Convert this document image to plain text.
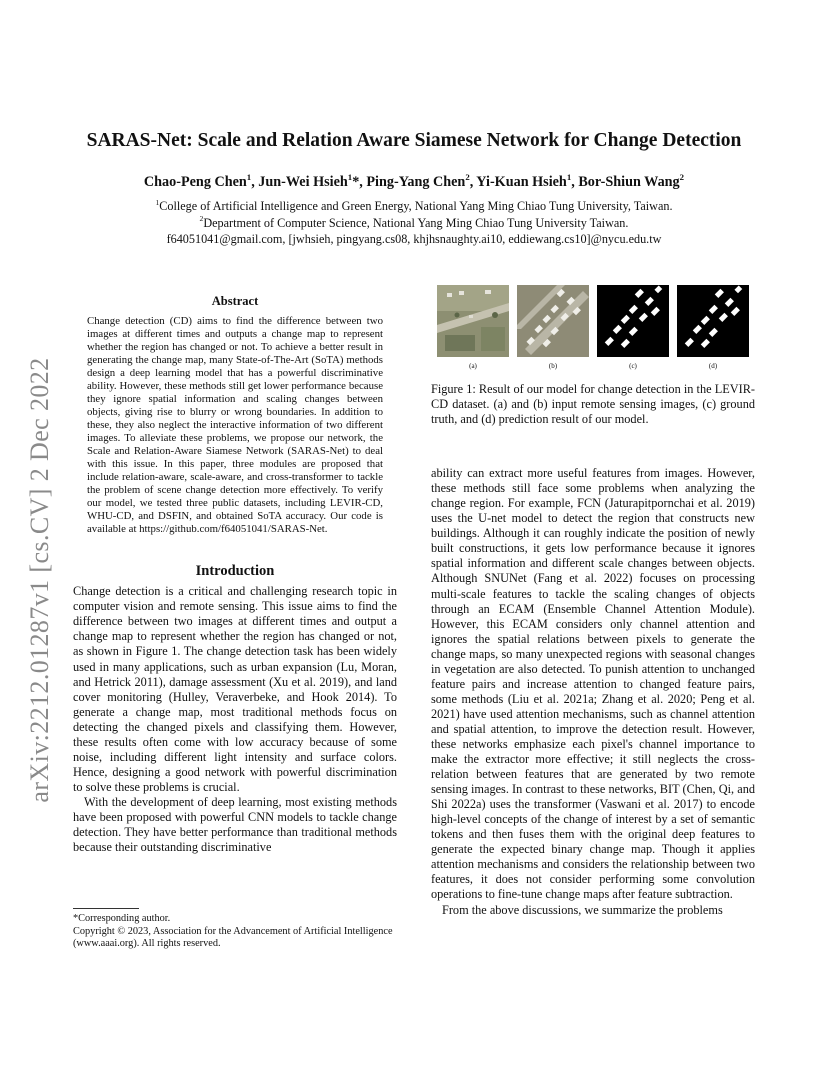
arXiv:2212.01287v1 [cs.CV] 2 Dec 2022
SARAS-Net: Scale and Relation Aware Siamese Network for Change Detection
Chao-Peng Chen$^1$, Jun-Wei Hsieh$^1$*, Ping-Yang Chen$^2$, Yi-Kuan Hsieh$^1$, Bor-Shiun Wang$^2$
$^1$College of Artificial Intelligence and Green Energy, National Yang Ming Chiao Tung University, Taiwan.
$^2$Department of Computer Science, National Yang Ming Chiao Tung University Taiwan.
f64051041@gmail.com, [jwhsieh, pingyang.cs08, khjhsnaughty.ai10, eddiewang.cs10]@nycu.edu.tw
Abstract

Change detection (CD) aims to find the difference between two images at different times and outputs a change map to represent whether the region has changed or not. To achieve a better result in generating the change map, many State-of-The-Art (SoTA) methods design a deep learning model that has a powerful discriminative ability. However, these methods still get lower performance because they ignore spatial information and scaling changes between objects, giving rise to blurry or wrong boundaries. In addition to these, they also neglect the interactive information of two different images. To alleviate these problems, we propose our network, the Scale and Relation-Aware Siamese Network (SARAS-Net) to deal with this issue. In this paper, three modules are proposed that include relation-aware, scale-aware, and cross-transformer to tackle the problem of scene change detection more effectively. To verify our model, we tested three public datasets, including LEVIR-CD, WHU-CD, and DSFIN, and obtained SoTA accuracy. Our code is available at https://github.com/f64051041/SARAS-Net.

Introduction

Change detection is a critical and challenging research topic in computer vision and remote sensing. This issue aims to find the difference between two images at different times and output a change map to represent whether the region has changed or not, as shown in Figure 1. The change detection task has been widely used in many applications, such as urban expansion (Lu, Moran, and Hetrick 2011), damage assessment (Xu et al. 2019), and land cover monitoring (Hulley, Veraverbeke, and Hook 2014). To generate a change map, most traditional methods focus on detecting the changed pixels and classifying them. However, these results often come with low accuracy because of some noise, including different light intensity and surface colors. Hence, designing a good network with powerful discrimination to solve these problems is crucial.

With the development of deep learning, most existing methods have been proposed with powerful CNN models to tackle change detection. They have better performance than traditional methods because their outstanding discriminative

*Corresponding author.

Copyright © 2023, Association for the Advancement of Artificial Intelligence (www.aaai.org). All rights reserved.

(a)	(b)	(c)	(d)

Figure 1: Result of our model for change detection in the LEVIR-CD dataset. (a) and (b) input remote sensing images, (c) ground truth, and (d) prediction result of our model.

ability can extract more useful features from images. However, these methods still face some problems when analyzing the change region. For example, FCN (Jaturapitpornchai et al. 2019) uses the U-net model to detect the region that constructs new buildings. Although it can roughly indicate the position of newly built constructions, it gets low performance because it ignores spatial information and different scale changes between objects. Although SNUNet (Fang et al. 2022) focuses on processing multi-scale features to tackle the scaling changes of objects through an ECAM (Ensemble Channel Attention Module). However, this ECAM considers only channel attention and ignores the spatial relations between pixels to generate the change maps, so many unexpected regions with seasonal changes in vegetation are also detected. To punish attention to unchanged feature pairs and increase attention to changed feature pairs, some methods (Liu et al. 2021a; Zhang et al. 2020; Peng et al. 2021) have used attention mechanisms, such as channel attention and spatial attention, to improve the detection result. However, these networks emphasize each pixel's channel importance to make the extractor more effective; it still neglects the cross-relation between features that are generated by two remote sensing images. In contrast to these networks, BIT (Chen, Qi, and Shi 2022a) uses the transformer (Vaswani et al. 2017) to encode high-level concepts of the change of interest by a set of semantic tokens and then fuses them with the original deep features to generate the expected binary change map. Though it applies attention mechanisms and considers the relationship between two features, it does not consider performing some convolution operations to fine-tune change maps after feature subtraction.

From the above discussions, we summarize the problems
